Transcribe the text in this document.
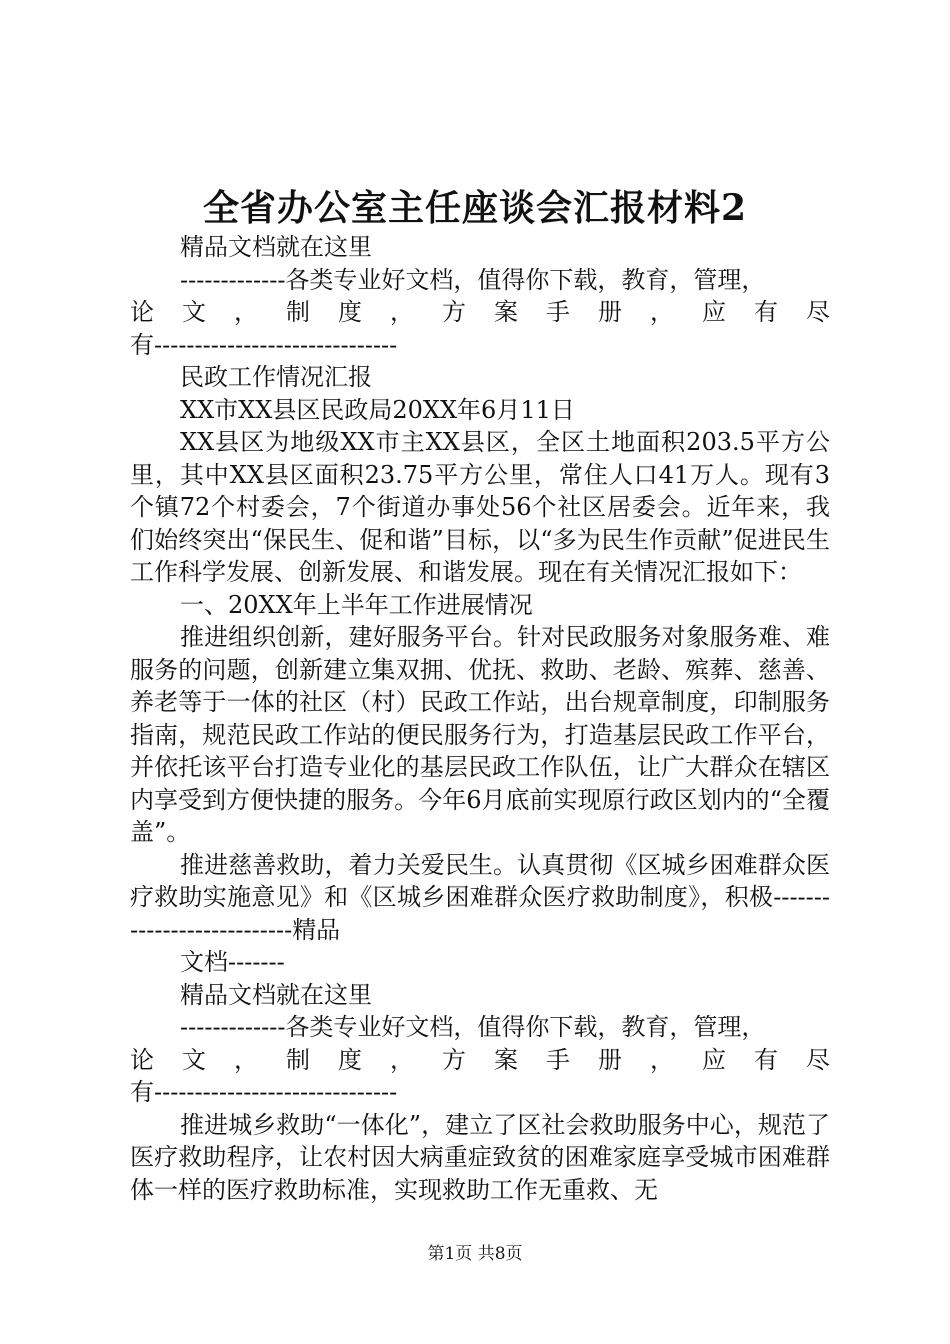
全省办公室主任座谈会汇报材料2

精品文档就在这里

-------------各类专业好文档，值得你下载，教育，管理，

论 文 ， 制 度 ， 方 案 手 册 ， 应 有 尽

有------------------------------

民政工作情况汇报

XX市XX县区民政局20XX年6月11日

XX县区为地级XX市主XX县区，全区土地面积203.5平方公里，其中XX县区面积23.75平方公里，常住人口41万人。现有3个镇72个村委会，7个街道办事处56个社区居委会。近年来，我们始终突出“保民生、促和谐”目标，以“多为民生作贡献”促进民生工作科学发展、创新发展、和谐发展。现在有关情况汇报如下：

一、20XX年上半年工作进展情况

推进组织创新，建好服务平台。针对民政服务对象服务难、难服务的问题，创新建立集双拥、优抚、救助、老龄、殡葬、慈善、养老等于一体的社区（村）民政工作站，出台规章制度，印制服务指南，规范民政工作站的便民服务行为，打造基层民政工作平台，并依托该平台打造专业化的基层民政工作队伍，让广大群众在辖区内享受到方便快捷的服务。今年6月底前实现原行政区划内的“全覆盖”。

推进慈善救助，着力关爱民生。认真贯彻《区城乡困难群众医疗救助实施意见》和《区城乡困难群众医疗救助制度》，积极---------------------------精品

文档-------

精品文档就在这里

-------------各类专业好文档，值得你下载，教育，管理，

论 文 ， 制 度 ， 方 案 手 册 ， 应 有 尽

有------------------------------

推进城乡救助“一体化”，建立了区社会救助服务中心，规范了医疗救助程序，让农村因大病重症致贫的困难家庭享受城市困难群体一样的医疗救助标准，实现救助工作无重救、无

第1页 共8页
